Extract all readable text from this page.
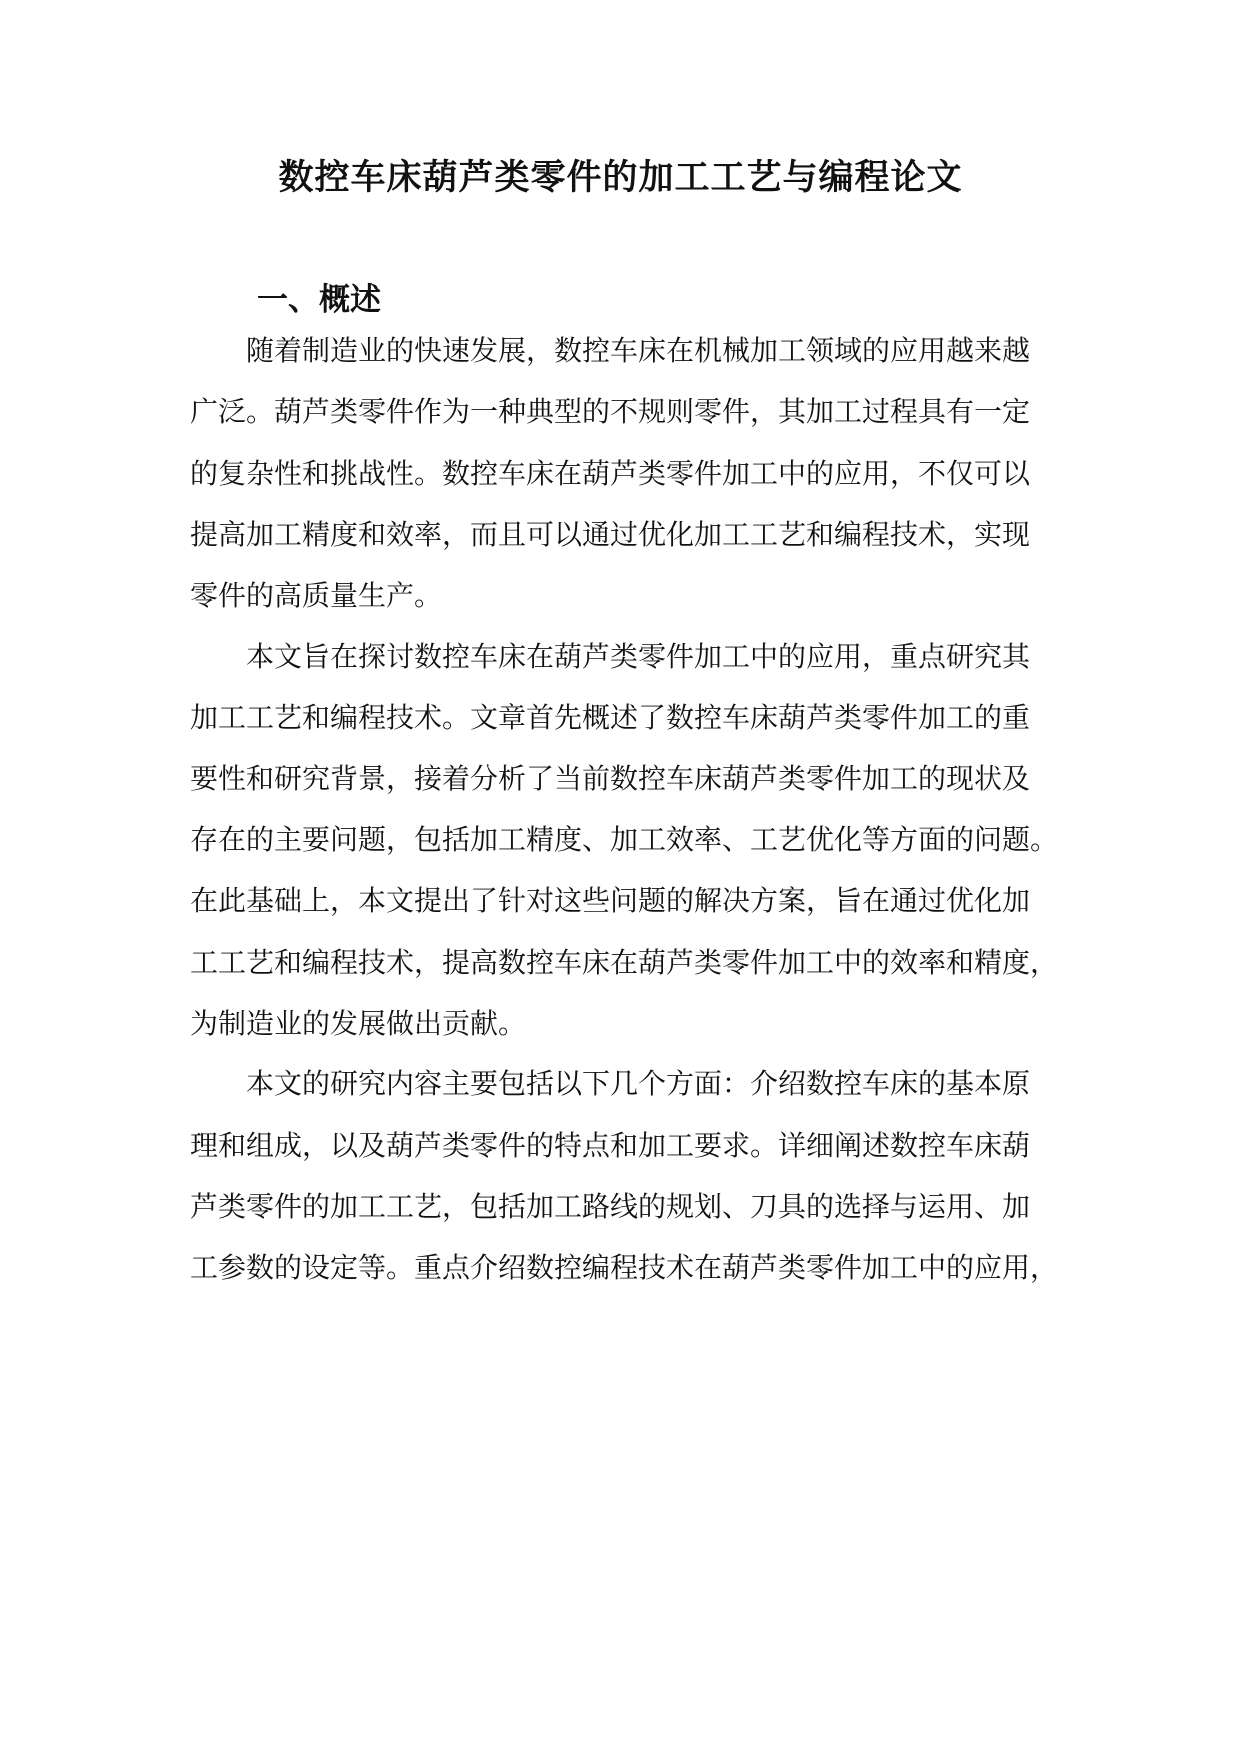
数控车床葫芦类零件的加工工艺与编程论文
一、概述
随着制造业的快速发展，数控车床在机械加工领域的应用越来越
广泛。葫芦类零件作为一种典型的不规则零件，其加工过程具有一定
的复杂性和挑战性。数控车床在葫芦类零件加工中的应用，不仅可以
提高加工精度和效率，而且可以通过优化加工工艺和编程技术，实现
零件的高质量生产。
本文旨在探讨数控车床在葫芦类零件加工中的应用，重点研究其
加工工艺和编程技术。文章首先概述了数控车床葫芦类零件加工的重
要性和研究背景，接着分析了当前数控车床葫芦类零件加工的现状及
存在的主要问题，包括加工精度、加工效率、工艺优化等方面的问题。
在此基础上，本文提出了针对这些问题的解决方案，旨在通过优化加
工工艺和编程技术，提高数控车床在葫芦类零件加工中的效率和精度，
为制造业的发展做出贡献。
本文的研究内容主要包括以下几个方面：介绍数控车床的基本原
理和组成，以及葫芦类零件的特点和加工要求。详细阐述数控车床葫
芦类零件的加工工艺，包括加工路线的规划、刀具的选择与运用、加
工参数的设定等。重点介绍数控编程技术在葫芦类零件加工中的应用，
